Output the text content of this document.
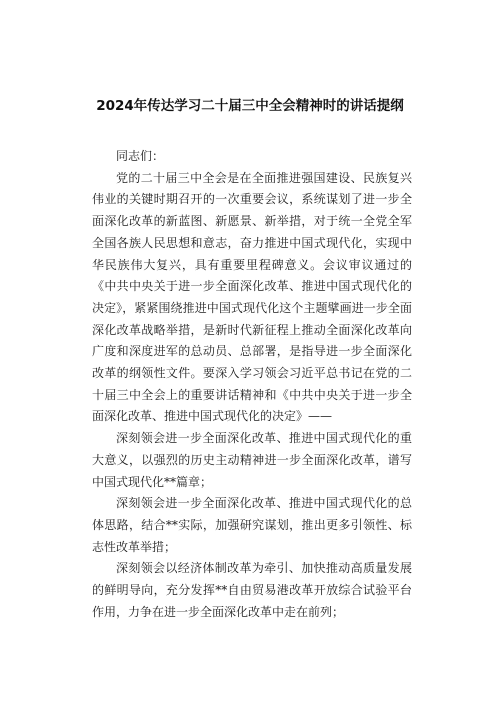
2024年传达学习二十届三中全会精神时的讲话提纲

同志们：

党的二十届三中全会是在全面推进强国建设、民族复兴伟业的关键时期召开的一次重要会议，系统谋划了进一步全面深化改革的新蓝图、新愿景、新举措，对于统一全党全军全国各族人民思想和意志，奋力推进中国式现代化，实现中华民族伟大复兴，具有重要里程碑意义。会议审议通过的《中共中央关于进一步全面深化改革、推进中国式现代化的决定》，紧紧围绕推进中国式现代化这个主题擘画进一步全面深化改革战略举措，是新时代新征程上推动全面深化改革向广度和深度进军的总动员、总部署，是指导进一步全面深化改革的纲领性文件。要深入学习领会习近平总书记在党的二十届三中全会上的重要讲话精神和《中共中央关于进一步全面深化改革、推进中国式现代化的决定》——

深刻领会进一步全面深化改革、推进中国式现代化的重大意义，以强烈的历史主动精神进一步全面深化改革，谱写中国式现代化**篇章；

深刻领会进一步全面深化改革、推进中国式现代化的总体思路，结合**实际，加强研究谋划，推出更多引领性、标志性改革举措；

深刻领会以经济体制改革为牵引、加快推动高质量发展的鲜明导向，充分发挥**自由贸易港改革开放综合试验平台作用，力争在进一步全面深化改革中走在前列；
